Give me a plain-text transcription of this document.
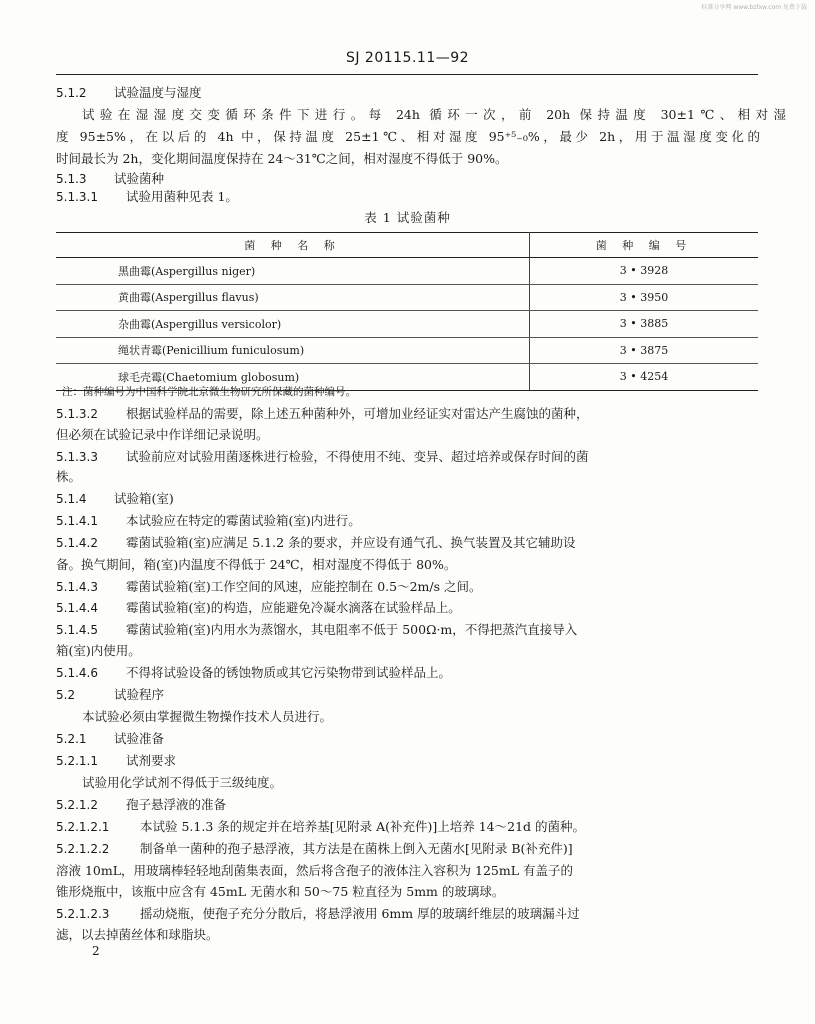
标准分享网 www.bzfxw.com 免费下载
SJ 20115.11—92
5.1.2 试验温度与湿度
试验在湿湿度交变循环条件下进行。每 24h 循环一次，前 20h 保持温度 30±1℃、相对湿
度 95±5%，在以后的 4h 中，保持温度 25±1℃、相对湿度 95⁺⁵₋₀%，最少 2h，用于温湿度变化的
时间最长为 2h，变化期间温度保持在 24～31℃之间，相对湿度不得低于 90%。
5.1.3 试验菌种
5.1.3.1 试验用菌种见表 1。
表 1 试验菌种
菌 种 名 称	菌 种 编 号
黑曲霉(Aspergillus niger)	3 • 3928
黄曲霉(Aspergillus flavus)	3 • 3950
杂曲霉(Aspergillus versicolor)	3 • 3885
绳状青霉(Penicillium funiculosum)	3 • 3875
球毛壳霉(Chaetomium globosum)	3 • 4254
注：菌种编号为中国科学院北京微生物研究所保藏的菌种编号。
5.1.3.2 根据试验样品的需要，除上述五种菌种外，可增加业经证实对雷达产生腐蚀的菌种，
但必须在试验记录中作详细记录说明。
5.1.3.3 试验前应对试验用菌逐株进行检验，不得使用不纯、变异、超过培养或保存时间的菌
株。
5.1.4 试验箱(室)
5.1.4.1 本试验应在特定的霉菌试验箱(室)内进行。
5.1.4.2 霉菌试验箱(室)应满足 5.1.2 条的要求，并应设有通气孔、换气装置及其它辅助设
备。换气期间，箱(室)内温度不得低于 24℃，相对湿度不得低于 80%。
5.1.4.3 霉菌试验箱(室)工作空间的风速，应能控制在 0.5～2m/s 之间。
5.1.4.4 霉菌试验箱(室)的构造，应能避免冷凝水滴落在试验样品上。
5.1.4.5 霉菌试验箱(室)内用水为蒸馏水，其电阻率不低于 500Ω·m，不得把蒸汽直接导入
箱(室)内使用。
5.1.4.6 不得将试验设备的锈蚀物质或其它污染物带到试验样品上。
5.2	试验程序
本试验必须由掌握微生物操作技术人员进行。
5.2.1 试验准备
5.2.1.1 试剂要求
试验用化学试剂不得低于三级纯度。
5.2.1.2 孢子悬浮液的准备
5.2.1.2.1 本试验 5.1.3 条的规定并在培养基[见附录 A(补充件)]上培养 14～21d 的菌种。
5.2.1.2.2 制备单一菌种的孢子悬浮液，其方法是在菌株上倒入无菌水[见附录 B(补充件)]
溶液 10mL，用玻璃棒轻轻地刮菌集表面，然后将含孢子的液体注入容积为 125mL 有盖子的
锥形烧瓶中，该瓶中应含有 45mL 无菌水和 50～75 粒直径为 5mm 的玻璃球。
5.2.1.2.3 摇动烧瓶，使孢子充分分散后，将悬浮液用 6mm 厚的玻璃纤维层的玻璃漏斗过
滤，以去掉菌丝体和球脂块。
2
